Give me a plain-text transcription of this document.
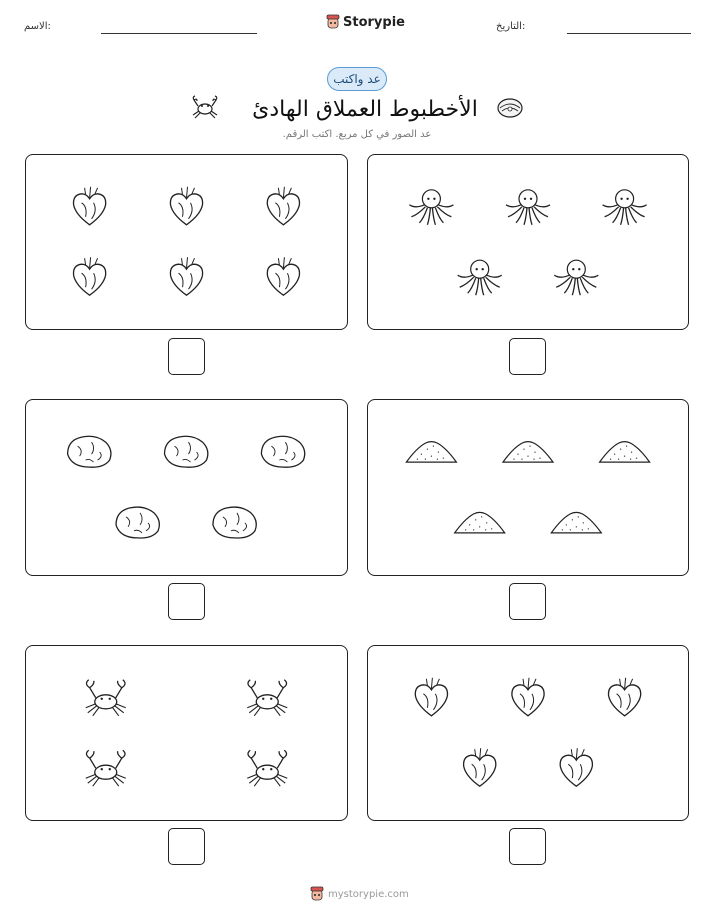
الاسم:	Storypie	التاريخ:
عد واكتب
الأخطبوط العملاق الهادئ
عد الصور في كل مربع. اكتب الرقم.
mystorypie.com
